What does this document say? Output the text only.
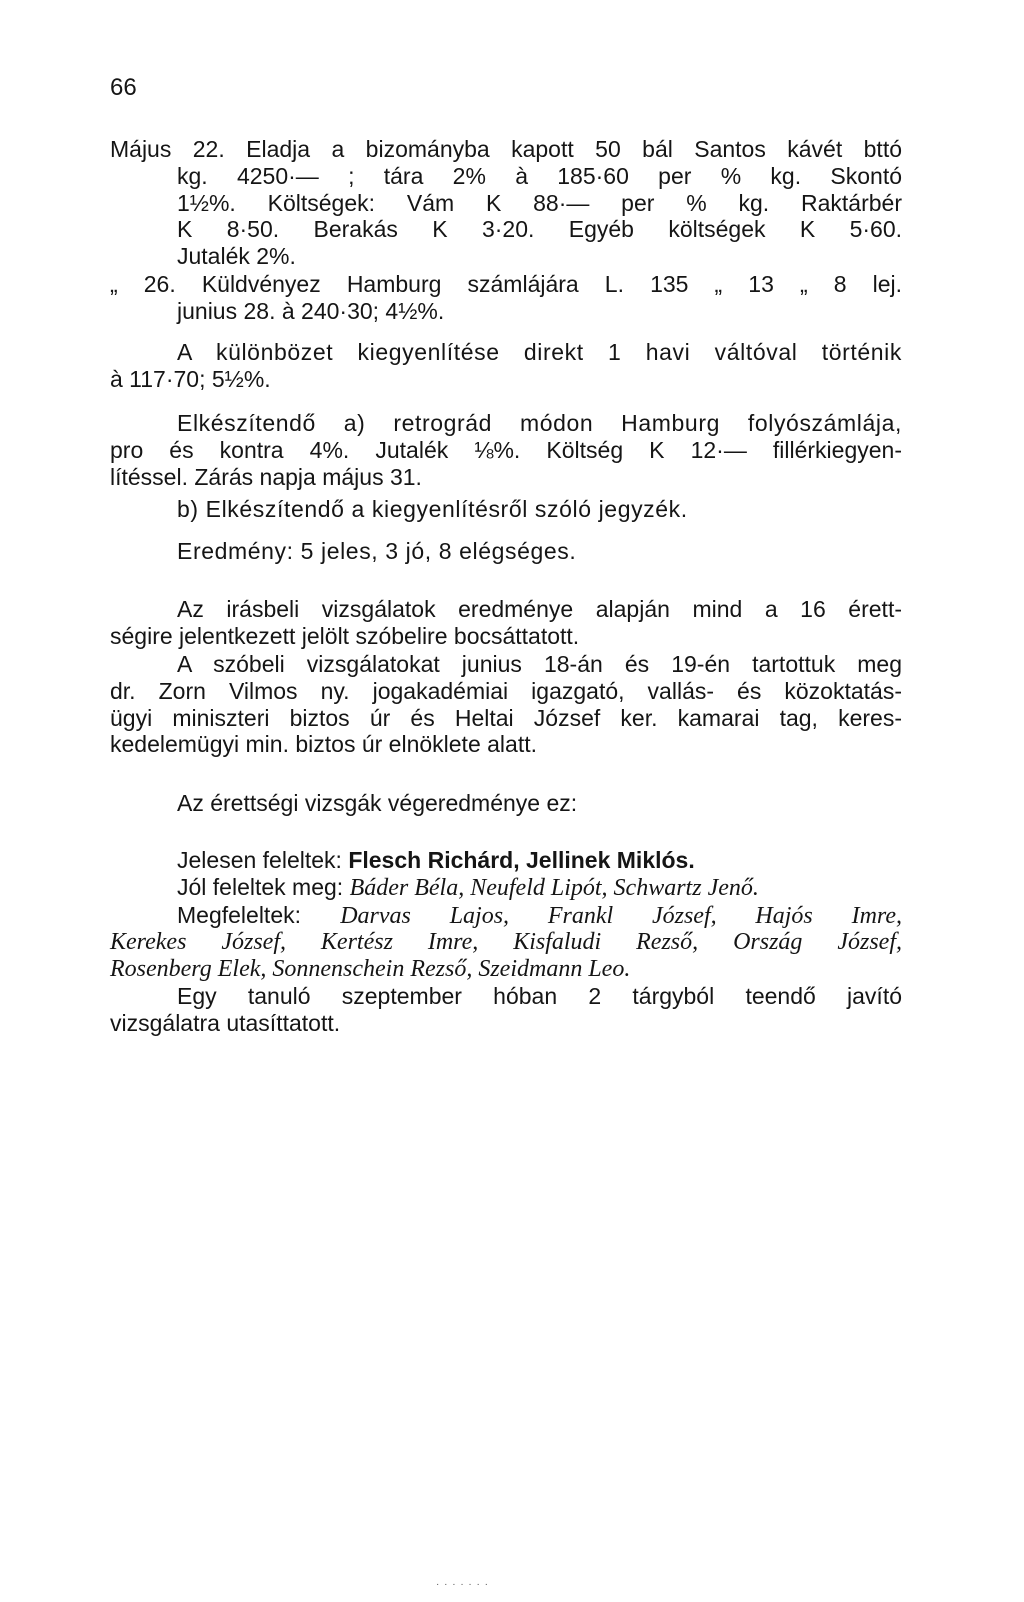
66
Május 22. Eladja a bizományba kapott 50 bál Santos kávét bttó
kg. 4250·— ; tára 2% à 185·60 per % kg. Skontó
1½%. Költségek: Vám K 88·— per % kg. Raktárbér
K 8·50. Berakás K 3·20. Egyéb költségek K 5·60.
Jutalék 2%.
„ 26. Küldvényez Hamburg számlájára L. 135 „ 13 „ 8 lej.
junius 28. à 240·30; 4½%.
A különbözet kiegyenlítése direkt 1 havi váltóval történik
à 117·70; 5½%.
Elkészítendő a) retrográd módon Hamburg folyószámlája,
pro és kontra 4%. Jutalék ⅛%. Költség K 12·— fillérkiegyen-
lítéssel. Zárás napja május 31.
b) Elkészítendő a kiegyenlítésről szóló jegyzék.
Eredmény: 5 jeles, 3 jó, 8 elégséges.
Az irásbeli vizsgálatok eredménye alapján mind a 16 érett-
ségire jelentkezett jelölt szóbelire bocsáttatott.
A szóbeli vizsgálatokat junius 18-án és 19-én tartottuk meg
dr. Zorn Vilmos ny. jogakadémiai igazgató, vallás- és közoktatás-
ügyi miniszteri biztos úr és Heltai József ker. kamarai tag, keres-
kedelemügyi min. biztos úr elnöklete alatt.
Az érettségi vizsgák végeredménye ez:
Jelesen feleltek: Flesch Richárd, Jellinek Miklós.
Jól feleltek meg: Báder Béla, Neufeld Lipót, Schwartz Jenő.
Megfeleltek: Darvas Lajos, Frankl József, Hajós Imre,
Kerekes József, Kertész Imre, Kisfaludi Rezső, Ország József,
Rosenberg Elek, Sonnenschein Rezső, Szeidmann Leo.
Egy tanuló szeptember hóban 2 tárgyból teendő javító
vizsgálatra utasíttatott.
· · · · · · ·
